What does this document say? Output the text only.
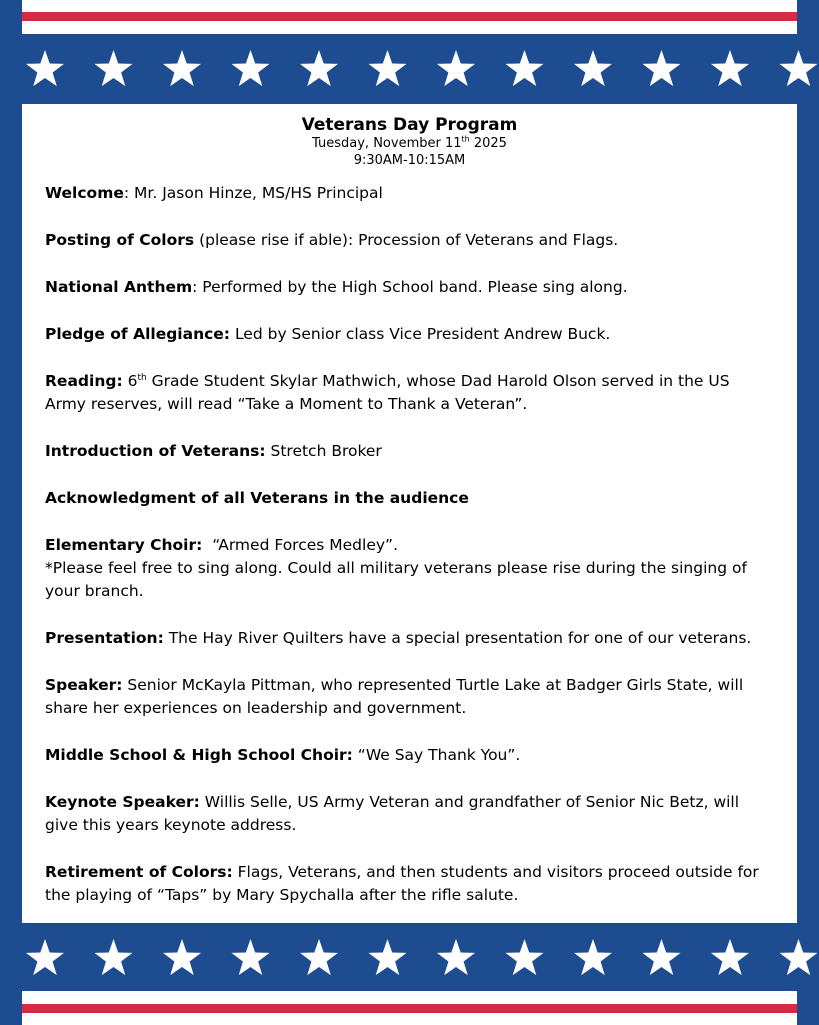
Veterans Day Program
Tuesday, November 11th 2025
9:30AM-10:15AM

Welcome: Mr. Jason Hinze, MS/HS Principal

Posting of Colors (please rise if able): Procession of Veterans and Flags.

National Anthem: Performed by the High School band. Please sing along.

Pledge of Allegiance: Led by Senior class Vice President Andrew Buck.

Reading: 6th Grade Student Skylar Mathwich, whose Dad Harold Olson served in the US Army reserves, will read “Take a Moment to Thank a Veteran”.

Introduction of Veterans: Stretch Broker

Acknowledgment of all Veterans in the audience

Elementary Choir:  “Armed Forces Medley”.
*Please feel free to sing along. Could all military veterans please rise during the singing of your branch.

Presentation: The Hay River Quilters have a special presentation for one of our veterans.

Speaker: Senior McKayla Pittman, who represented Turtle Lake at Badger Girls State, will share her experiences on leadership and government.

Middle School & High School Choir: “We Say Thank You”.

Keynote Speaker: Willis Selle, US Army Veteran and grandfather of Senior Nic Betz, will give this years keynote address.

Retirement of Colors: Flags, Veterans, and then students and visitors proceed outside for the playing of “Taps” by Mary Spychalla after the rifle salute.
